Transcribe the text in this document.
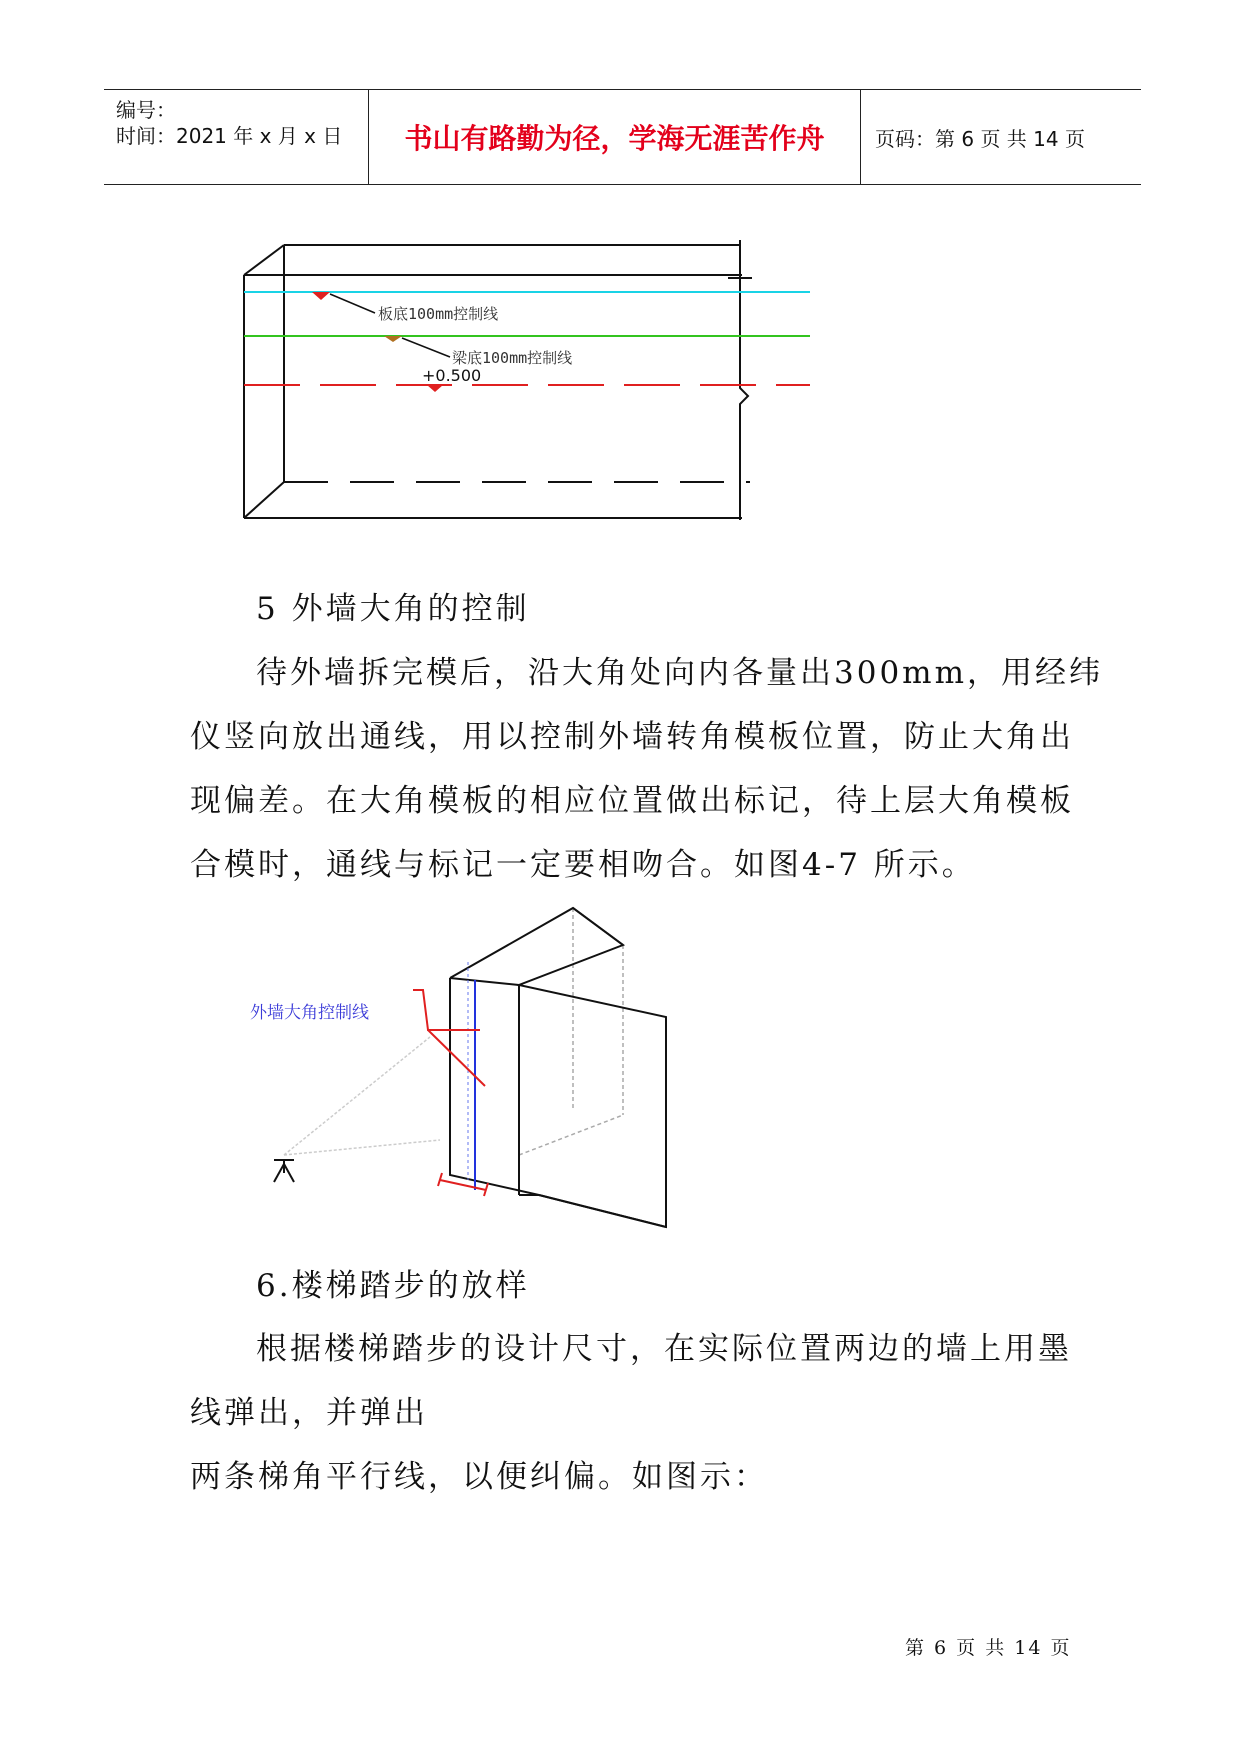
编号：
时间：2021 年 x 月 x 日 书山有路勤为径，学海无涯苦作舟	页码：第 6 页 共 14 页
板底100mm控制线
梁底100mm控制线
+0.500
5 外墙大角的控制
待外墙拆完模后，沿大角处向内各量出300mm，用经纬
仪竖向放出通线，用以控制外墙转角模板位置，防止大角出
现偏差。在大角模板的相应位置做出标记，待上层大角模板
合模时，通线与标记一定要相吻合。如图4-7 所示。
外墙大角控制线
6.楼梯踏步的放样
根据楼梯踏步的设计尺寸，在实际位置两边的墙上用墨
线弹出，并弹出
两条梯角平行线，以便纠偏。如图示：
第 6 页 共 14 页
